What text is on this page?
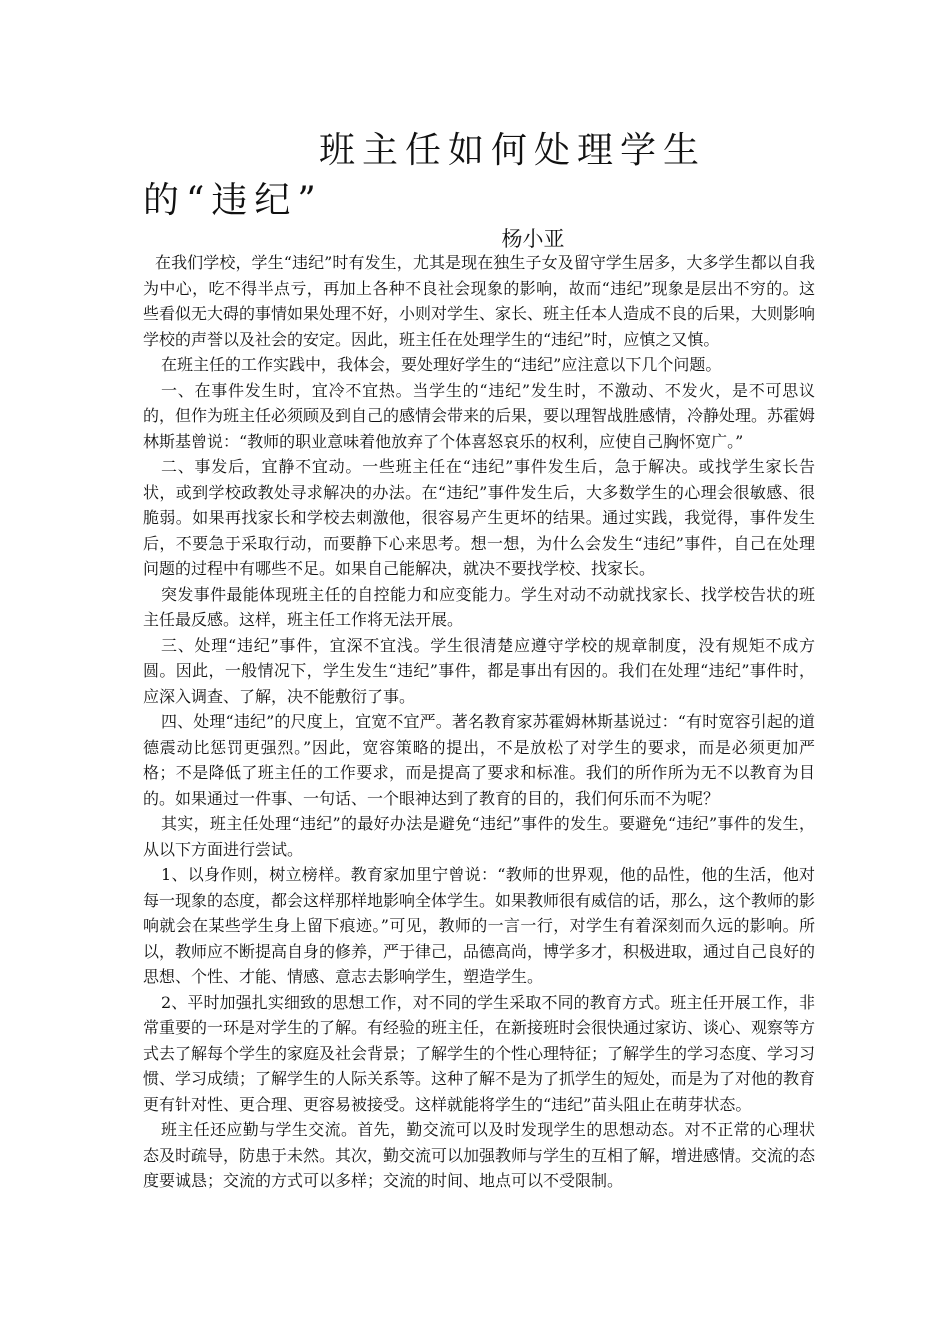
班主任如何处理学生的“违纪”
杨小亚

在我们学校，学生“违纪”时有发生，尤其是现在独生子女及留守学生居多，大多学生都以自我为中心，吃不得半点亏，再加上各种不良社会现象的影响，故而“违纪”现象是层出不穷的。这些看似无大碍的事情如果处理不好，小则对学生、家长、班主任本人造成不良的后果，大则影响学校的声誉以及社会的安定。因此，班主任在处理学生的“违纪”时，应慎之又慎。

在班主任的工作实践中，我体会，要处理好学生的“违纪”应注意以下几个问题。

一、在事件发生时，宜冷不宜热。当学生的“违纪”发生时，不激动、不发火，是不可思议的，但作为班主任必须顾及到自己的感情会带来的后果，要以理智战胜感情，冷静处理。苏霍姆林斯基曾说：“教师的职业意味着他放弃了个体喜怒哀乐的权利，应使自己胸怀宽广。”

二、事发后，宜静不宜动。一些班主任在“违纪”事件发生后，急于解决。或找学生家长告状，或到学校政教处寻求解决的办法。在“违纪”事件发生后，大多数学生的心理会很敏感、很脆弱。如果再找家长和学校去刺激他，很容易产生更坏的结果。通过实践，我觉得，事件发生后，不要急于采取行动，而要静下心来思考。想一想，为什么会发生“违纪”事件，自己在处理问题的过程中有哪些不足。如果自己能解决，就决不要找学校、找家长。

突发事件最能体现班主任的自控能力和应变能力。学生对动不动就找家长、找学校告状的班主任最反感。这样，班主任工作将无法开展。

三、处理“违纪”事件，宜深不宜浅。学生很清楚应遵守学校的规章制度，没有规矩不成方圆。因此，一般情况下，学生发生“违纪”事件，都是事出有因的。我们在处理“违纪”事件时，应深入调查、了解，决不能敷衍了事。

四、处理“违纪”的尺度上，宜宽不宜严。著名教育家苏霍姆林斯基说过：“有时宽容引起的道德震动比惩罚更强烈。”因此，宽容策略的提出，不是放松了对学生的要求，而是必须更加严格；不是降低了班主任的工作要求，而是提高了要求和标准。我们的所作所为无不以教育为目的。如果通过一件事、一句话、一个眼神达到了教育的目的，我们何乐而不为呢？

其实，班主任处理“违纪”的最好办法是避免“违纪”事件的发生。要避免“违纪”事件的发生，从以下方面进行尝试。

1、以身作则，树立榜样。教育家加里宁曾说：“教师的世界观，他的品性，他的生活，他对每一现象的态度，都会这样那样地影响全体学生。如果教师很有威信的话，那么，这个教师的影响就会在某些学生身上留下痕迹。”可见，教师的一言一行，对学生有着深刻而久远的影响。所以，教师应不断提高自身的修养，严于律己，品德高尚，博学多才，积极进取，通过自己良好的思想、个性、才能、情感、意志去影响学生，塑造学生。

2、平时加强扎实细致的思想工作，对不同的学生采取不同的教育方式。班主任开展工作，非常重要的一环是对学生的了解。有经验的班主任，在新接班时会很快通过家访、谈心、观察等方式去了解每个学生的家庭及社会背景；了解学生的个性心理特征；了解学生的学习态度、学习习惯、学习成绩；了解学生的人际关系等。这种了解不是为了抓学生的短处，而是为了对他的教育更有针对性、更合理、更容易被接受。这样就能将学生的“违纪”苗头阻止在萌芽状态。

班主任还应勤与学生交流。首先，勤交流可以及时发现学生的思想动态。对不正常的心理状态及时疏导，防患于未然。其次，勤交流可以加强教师与学生的互相了解，增进感情。交流的态度要诚恳；交流的方式可以多样；交流的时间、地点可以不受限制。
